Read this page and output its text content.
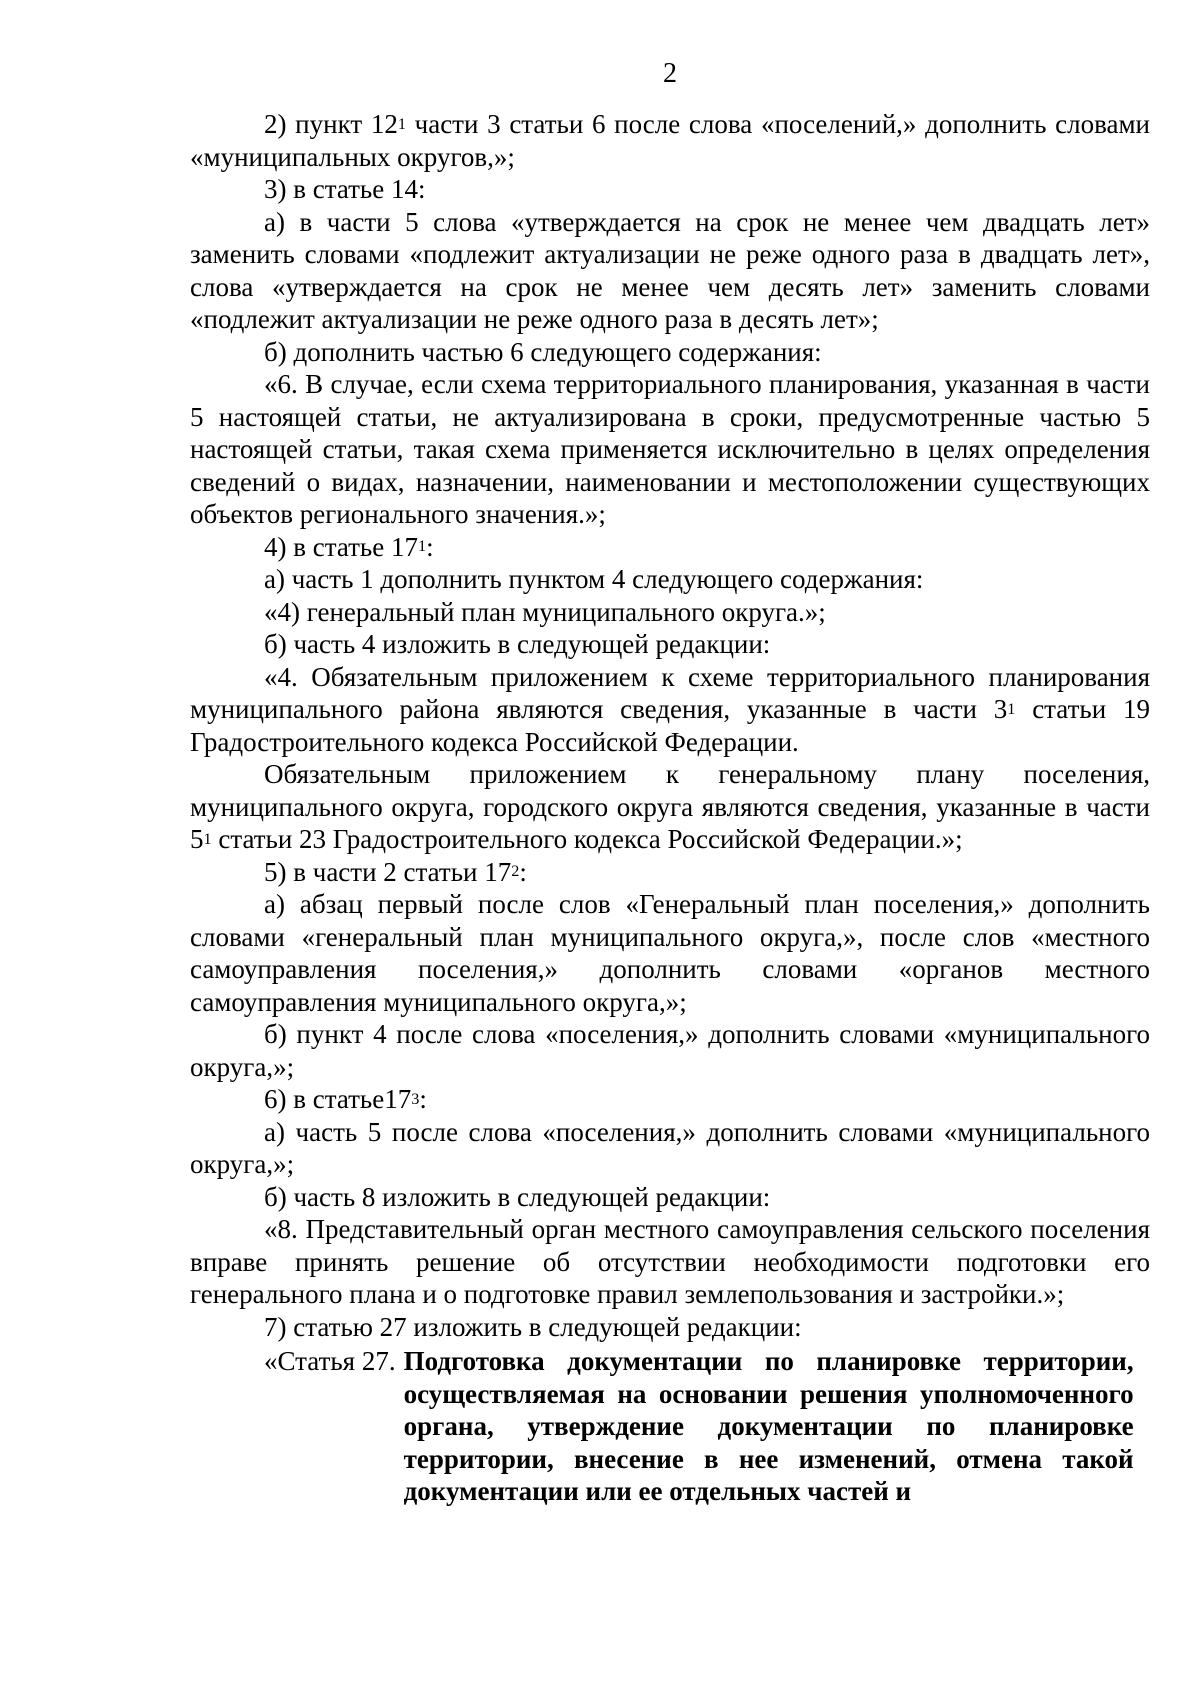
2

2) пункт $12^1$ части 3 статьи 6 после слова «поселений,» дополнить словами «муниципальных округов,»;

3) в статье 14:

а) в части 5 слова «утверждается на срок не менее чем двадцать лет» заменить словами «подлежит актуализации не реже одного раза в двадцать лет», слова «утверждается на срок не менее чем десять лет» заменить словами «подлежит актуализации не реже одного раза в десять лет»;

б) дополнить частью 6 следующего содержания:

«6. В случае, если схема территориального планирования, указанная в части 5 настоящей статьи, не актуализирована в сроки, предусмотренные частью 5 настоящей статьи, такая схема применяется исключительно в целях определения сведений о видах, назначении, наименовании и местоположении существующих объектов регионального значения.»;

4) в статье $17^1$:

а) часть 1 дополнить пунктом 4 следующего содержания:

«4) генеральный план муниципального округа.»;

б) часть 4 изложить в следующей редакции:

«4. Обязательным приложением к схеме территориального планирования муниципального района являются сведения, указанные в части $3^1$ статьи 19 Градостроительного кодекса Российской Федерации.

Обязательным приложением к генеральному плану поселения, муниципального округа, городского округа являются сведения, указанные в части $5^1$ статьи 23 Градостроительного кодекса Российской Федерации.»;

5) в части 2 статьи $17^2$:

а) абзац первый после слов «Генеральный план поселения,» дополнить словами «генеральный план муниципального округа,», после слов «местного самоуправления поселения,» дополнить словами «органов местного самоуправления муниципального округа,»;

б) пункт 4 после слова «поселения,» дополнить словами «муниципального округа,»;

6) в $статье17^3$:

а) часть 5 после слова «поселения,» дополнить словами «муниципального округа,»;

б) часть 8 изложить в следующей редакции:

«8. Представительный орган местного самоуправления сельского поселения вправе принять решение об отсутствии необходимости подготовки его генерального плана и о подготовке правил землепользования и застройки.»;

7) статью 27 изложить в следующей редакции:

«Статья 27. Подготовка документации по планировке территории, осуществляемая на основании решения уполномоченного органа, утверждение документации по планировке территории, внесение в нее изменений, отмена такой документации или ее отдельных частей и
